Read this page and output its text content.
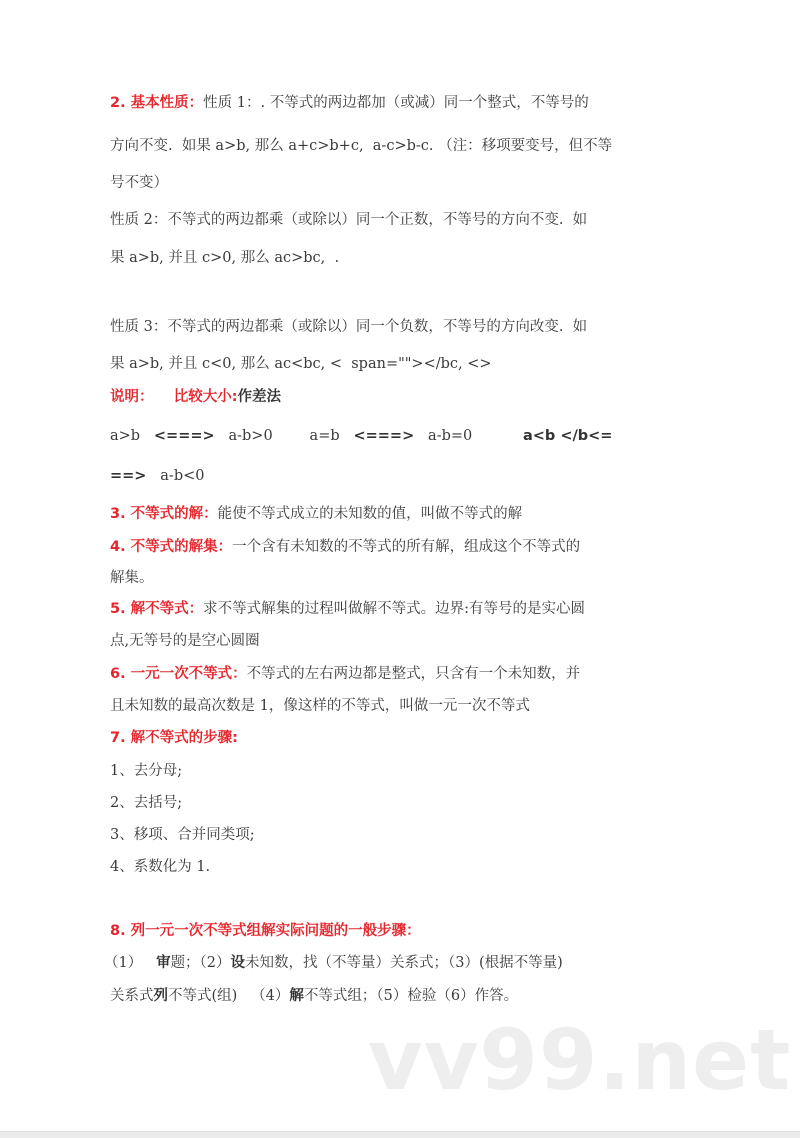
2. 基本性质：性质 1：. 不等式的两边都加（或减）同一个整式，不等号的
方向不变.  如果 a>b, 那么 a+c>b+c,  a-c>b-c. （注：移项要变号，但不等
号不变）
性质 2：不等式的两边都乘（或除以）同一个正数，不等号的方向不变.  如
果 a>b, 并且 c>0, 那么 ac>bc,  .
性质 3：不等式的两边都乘（或除以）同一个负数，不等号的方向改变.  如
果 a>b, 并且 c<0, 那么 ac<bc, <  span=""></bc, <>
说明：    比较大小:作差法
a>b   <===>   a-b>0        a=b   <===>   a-b=0           a<b </b<=
==>   a-b<0
3. 不等式的解：能使不等式成立的未知数的值，叫做不等式的解
4. 不等式的解集：一个含有未知数的不等式的所有解，组成这个不等式的
解集。
5. 解不等式：求不等式解集的过程叫做解不等式。边界:有等号的是实心圆
点,无等号的是空心圆圈
6. 一元一次不等式：不等式的左右两边都是整式，只含有一个未知数，并
且未知数的最高次数是 1，像这样的不等式，叫做一元一次不等式
7. 解不等式的步骤:
1、去分母;
2、去括号;
3、移项、合并同类项;
4、系数化为 1.
8. 列一元一次不等式组解实际问题的一般步骤：
（1）   审题；（2）设未知数，找（不等量）关系式；（3）(根据不等量)
关系式列不等式(组)   （4）解不等式组；（5）检验（6）作答。
vv99.net
